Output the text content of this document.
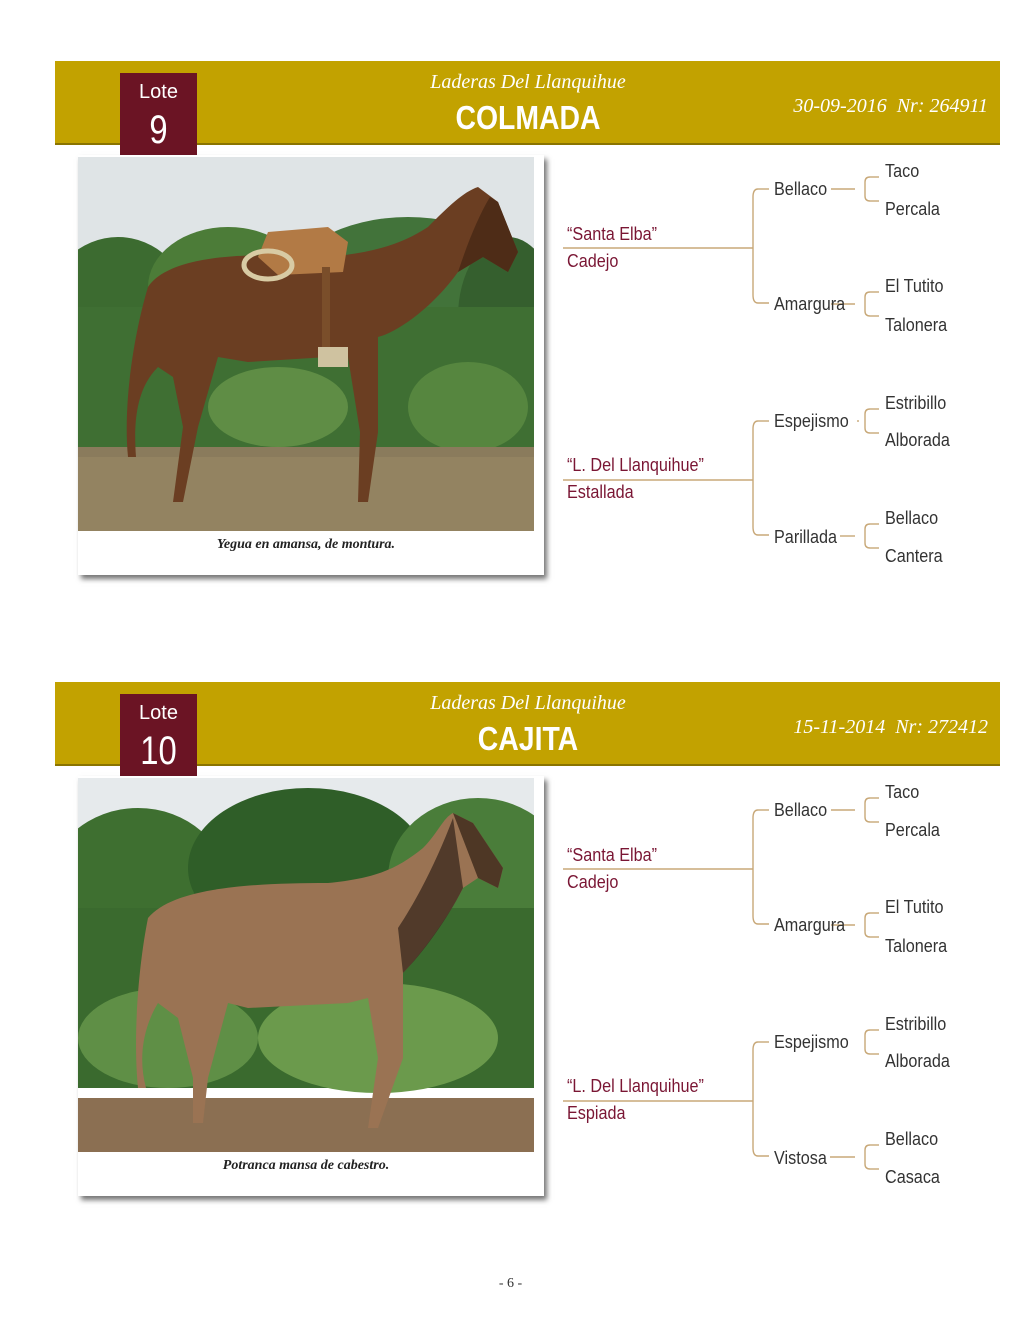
Lote
9
Laderas Del Llanquihue
COLMADA	30-09-2016  Nr: 264911
Yegua en amansa, de montura.
“Santa Elba”
Cadejo
Bellaco
Taco
Percala
Amargura
El Tutito
Talonera
“L. Del Llanquihue”
Estallada
Espejismo
Estribillo
Alborada
Parillada
Bellaco
Cantera
Lote
10
Laderas Del Llanquihue
CAJITA	15-11-2014  Nr: 272412
Potranca mansa de cabestro.
“Santa Elba”
Cadejo
Bellaco
Taco
Percala
Amargura
El Tutito
Talonera
“L. Del Llanquihue”
Espiada
Espejismo
Estribillo
Alborada
Vistosa
Bellaco
Casaca
- 6 -
